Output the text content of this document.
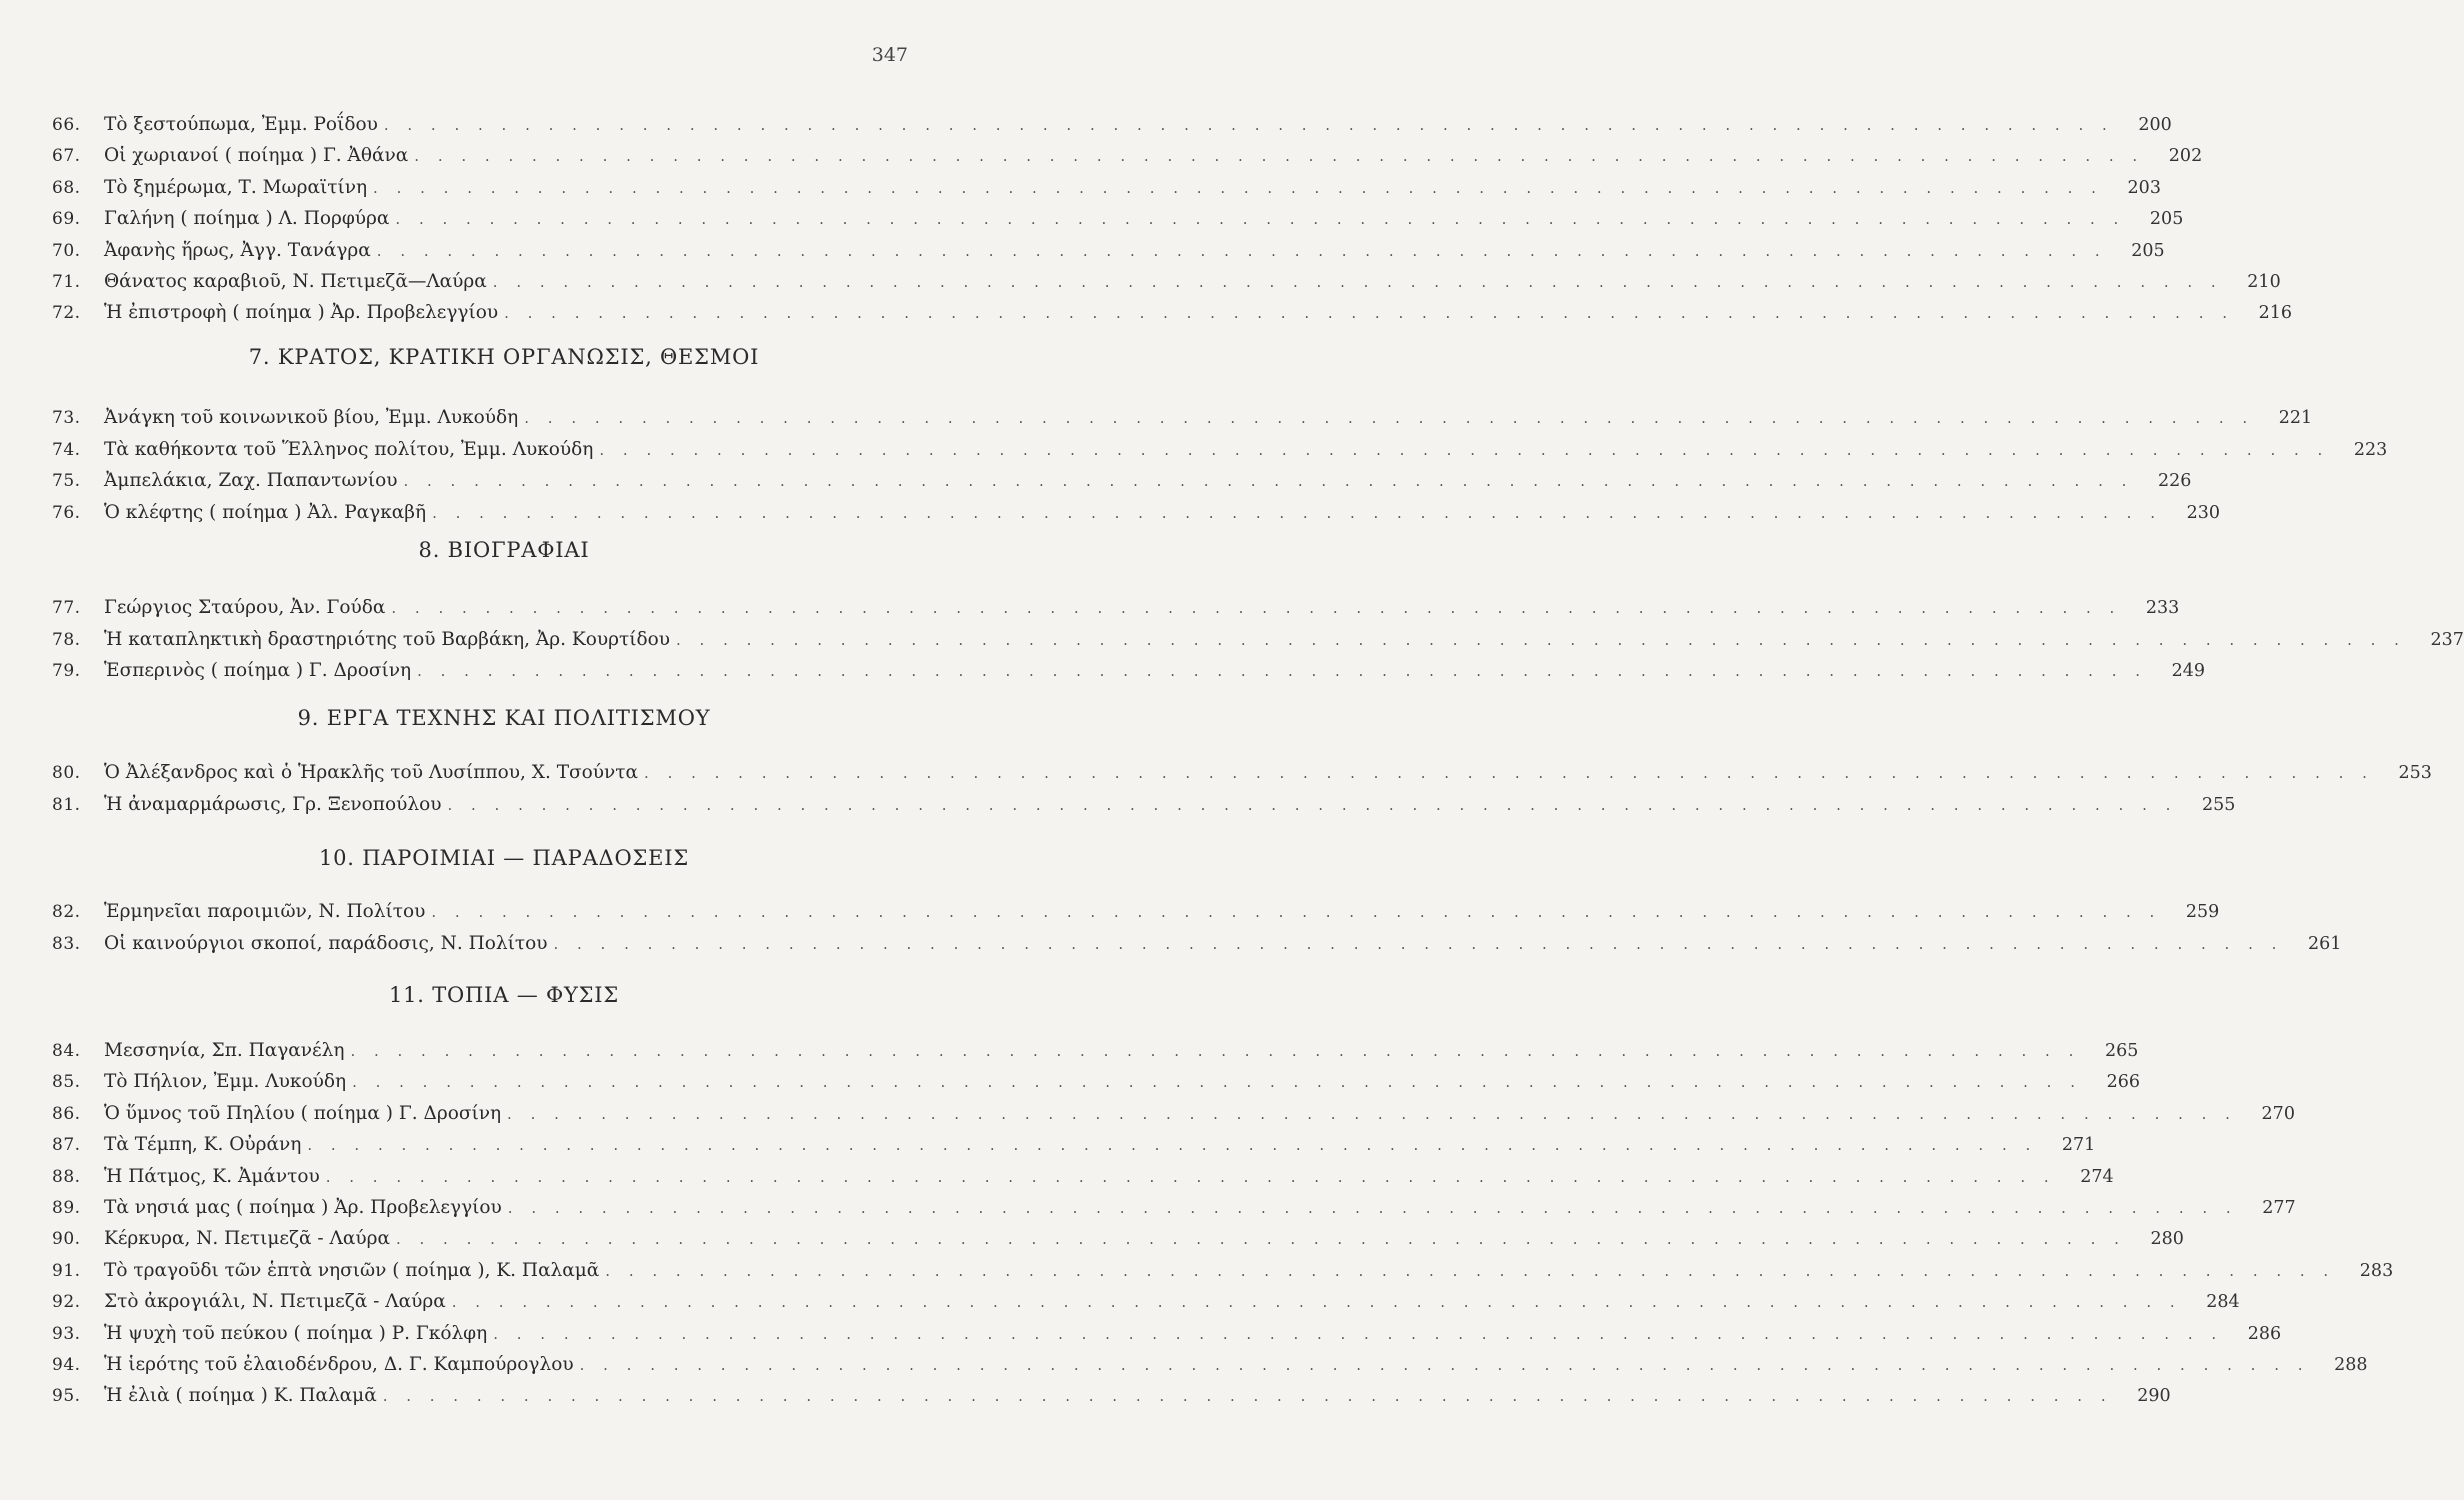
347
7. ΚΡΑΤΟΣ, ΚΡΑΤΙΚΗ ΟΡΓΑΝΩΣΙΣ, ΘΕΣΜΟΙ
8. ΒΙΟΓΡΑΦΙΑΙ
9. ΕΡΓΑ ΤΕΧΝΗΣ ΚΑΙ ΠΟΛΙΤΙΣΜΟΥ
10. ΠΑΡΟΙΜΙΑΙ — ΠΑΡΑΔΟΣΕΙΣ
11. ΤΟΠΙΑ — ΦΥΣΙΣ
66.	Τὸ ξεστούπωμα, Ἐμμ. Ροΐδου . . .	200
67.	Οἱ χωριανοί ( ποίημα ) Γ. Ἀθάνα . . .	202
68.	Τὸ ξημέρωμα, Τ. Μωραϊτίνη . . .	203
69.	Γαλήνη ( ποίημα ) Λ. Πορφύρα . . .	205
70.	Ἀφανὴς ἥρως, Ἀγγ. Τανάγρα . . .	205
71.	Θάνατος καραβιοῦ, Ν. Πετιμεζᾶ—Λαύρα . . .	210
72.	Ἡ ἐπιστροφὴ ( ποίημα ) Ἀρ. Προβελεγγίου . . .	216
73.	Ἀνάγκη τοῦ κοινωνικοῦ βίου, Ἐμμ. Λυκούδη . . .	221
74.	Τὰ καθήκοντα τοῦ Ἕλληνος πολίτου, Ἐμμ. Λυκούδη . . .	223
75.	Ἀμπελάκια, Ζαχ. Παπαντωνίου . . .	226
76.	Ὁ κλέφτης ( ποίημα ) Ἀλ. Ραγκαβῆ . . .	230
77.	Γεώργιος Σταύρου, Ἀν. Γούδα . . .	233
78.	Ἡ καταπληκτικὴ δραστηριότης τοῦ Βαρβάκη, Ἀρ. Κουρτίδου . . .	237
79.	Ἑσπερινὸς ( ποίημα ) Γ. Δροσίνη . . .	249
80.	Ὁ Ἀλέξανδρος καὶ ὁ Ἡρακλῆς τοῦ Λυσίππου, Χ. Τσούντα . . .	253
81.	Ἡ ἀναμαρμάρωσις, Γρ. Ξενοπούλου . . .	255
82.	Ἑρμηνεῖαι παροιμιῶν, Ν. Πολίτου . . .	259
83.	Οἱ καινούργιοι σκοποί, παράδοσις, Ν. Πολίτου . . .	261
84.	Μεσσηνία, Σπ. Παγανέλη . . .	265
85.	Τὸ Πήλιον, Ἐμμ. Λυκούδη . . .	266
86.	Ὁ ὕμνος τοῦ Πηλίου ( ποίημα ) Γ. Δροσίνη . . .	270
87.	Τὰ Τέμπη, Κ. Οὐράνη . . .	271
88.	Ἡ Πάτμος, Κ. Ἀμάντου . . .	274
89.	Τὰ νησιά μας ( ποίημα ) Ἀρ. Προβελεγγίου . . .	277
90.	Κέρκυρα, Ν. Πετιμεζᾶ - Λαύρα . . .	280
91.	Τὸ τραγοῦδι τῶν ἑπτὰ νησιῶν ( ποίημα ), Κ. Παλαμᾶ . . .	283
92.	Στὸ ἀκρογιάλι, Ν. Πετιμεζᾶ - Λαύρα . . .	284
93.	Ἡ ψυχὴ τοῦ πεύκου ( ποίημα ) Ρ. Γκόλφη . . .	286
94.	Ἡ ἱερότης τοῦ ἐλαιοδένδρου, Δ. Γ. Καμπούρογλου . . .	288
95.	Ἡ ἐλιὰ ( ποίημα ) Κ. Παλαμᾶ . . .	290
